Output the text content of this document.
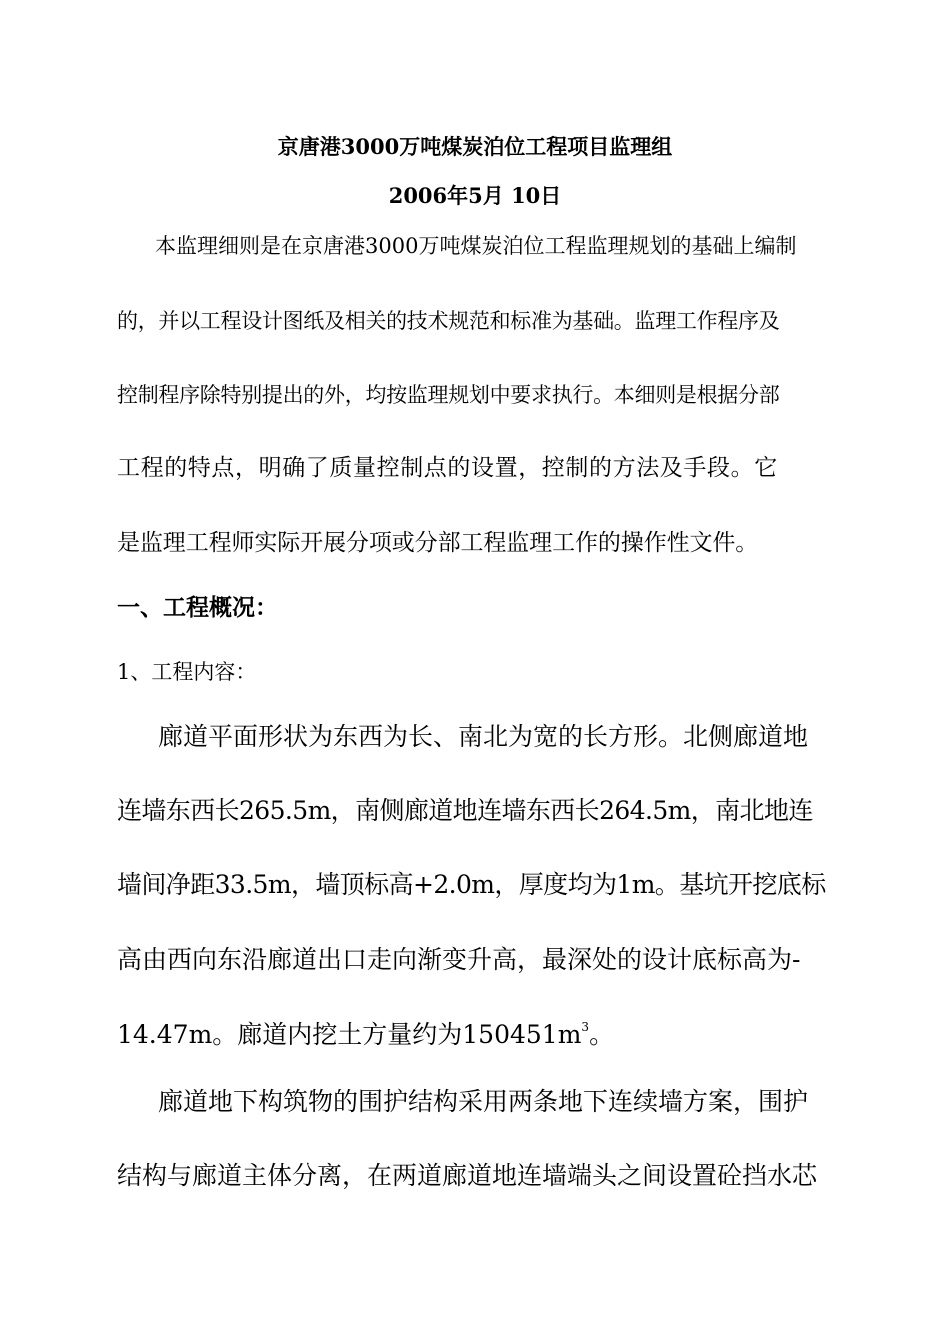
京唐港3000万吨煤炭泊位工程项目监理组
2006年5月 10日
本监理细则是在京唐港3000万吨煤炭泊位工程监理规划的基础上编制
的，并以工程设计图纸及相关的技术规范和标准为基础。监理工作程序及
控制程序除特别提出的外，均按监理规划中要求执行。本细则是根据分部
工程的特点，明确了质量控制点的设置，控制的方法及手段。它
是监理工程师实际开展分项或分部工程监理工作的操作性文件。
一、工程概况：
1、工程内容：
廊道平面形状为东西为长、南北为宽的长方形。北侧廊道地
连墙东西长265.5m，南侧廊道地连墙东西长264.5m，南北地连
墙间净距33.5m，墙顶标高+2.0m，厚度均为1m。基坑开挖底标
高由西向东沿廊道出口走向渐变升高，最深处的设计底标高为-
14.47m。廊道内挖土方量约为$150451m^3$。
廊道地下构筑物的围护结构采用两条地下连续墙方案，围护
结构与廊道主体分离，在两道廊道地连墙端头之间设置砼挡水芯
